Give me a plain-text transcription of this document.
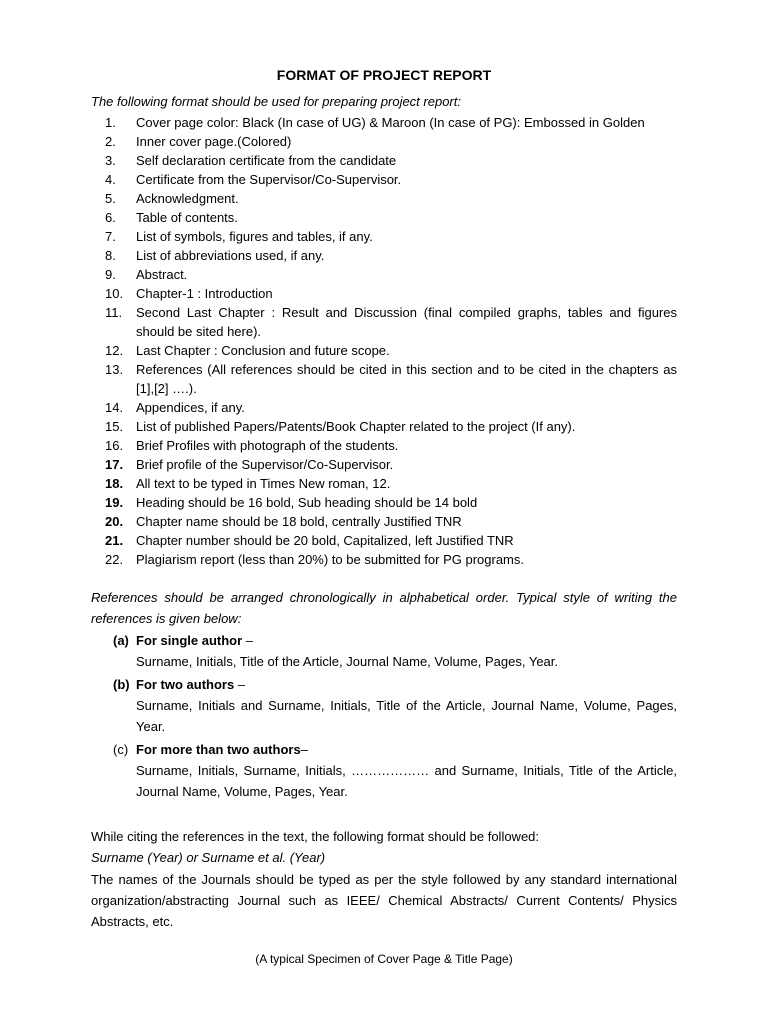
FORMAT OF PROJECT REPORT
The following format should be used for preparing project report:
1.	Cover page color: Black (In case of UG) & Maroon (In case of PG): Embossed in Golden
2.	Inner cover page.(Colored)
3.	Self declaration certificate from the candidate
4.	Certificate from the Supervisor/Co-Supervisor.
5.	Acknowledgment.
6.	Table of contents.
7.	List of symbols, figures and tables, if any.
8.	List of abbreviations used, if any.
9.	Abstract.
10. Chapter-1 : Introduction
11.	Second Last Chapter : Result and Discussion (final compiled graphs, tables and figures should be sited here).
12. Last Chapter : Conclusion and future scope.
13. References (All references should be cited in this section and to be cited in the chapters as [1],[2] ….).
14. Appendices, if any.
15. List of published Papers/Patents/Book Chapter related to the project (If any).
16. Brief Profiles with photograph of the students.
17. Brief profile of the Supervisor/Co-Supervisor.
18. All text to be typed in Times New roman, 12.
19. Heading should be 16 bold, Sub heading should be 14 bold
20. Chapter name should be 18 bold, centrally Justified TNR
21. Chapter number should be 20 bold, Capitalized, left Justified TNR
22. Plagiarism report (less than 20%) to be submitted for PG programs.
References should be arranged chronologically in alphabetical order. Typical style of writing the references is given below:
(a) For single author –
Surname, Initials, Title of the Article, Journal Name, Volume, Pages, Year.
(b) For two authors –
Surname, Initials and Surname, Initials, Title of the Article, Journal Name, Volume, Pages, Year.
(c) For more than two authors–
Surname, Initials, Surname, Initials, ……………… and Surname, Initials, Title of the Article, Journal Name, Volume, Pages, Year.
While citing the references in the text, the following format should be followed:
Surname (Year) or Surname et al. (Year)
The names of the Journals should be typed as per the style followed by any standard international organization/abstracting Journal such as IEEE/ Chemical Abstracts/ Current Contents/ Physics Abstracts, etc.
(A typical Specimen of Cover Page & Title Page)
